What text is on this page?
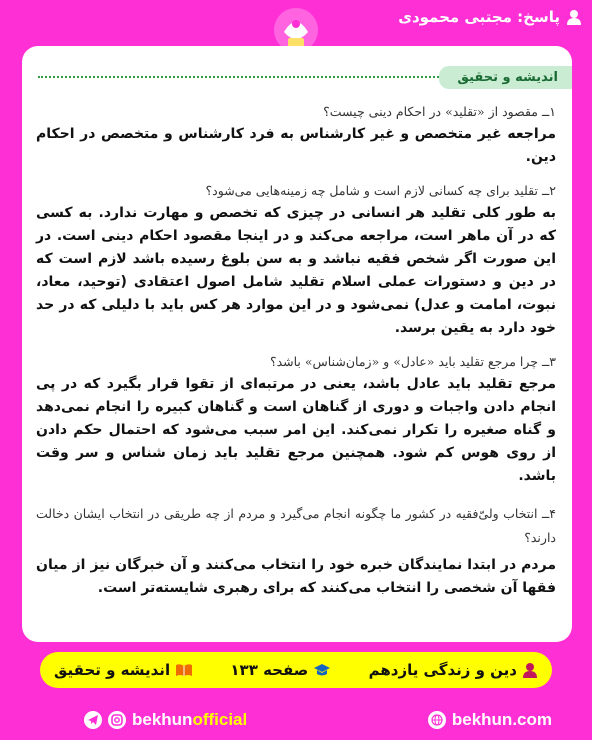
پاسخ: مجتبی محمودی
اندیشه و تحقیق
۱ــ مقصود از «تقلید» در احکام دینی چیست؟
مراجعه غیر متخصص و غیر کارشناس به فرد کارشناس و متخصص در احکام دین.
۲ــ تقلید برای چه کسانی لازم است و شامل چه زمینه‌هایی می‌شود؟
به طور کلی تقلید هر انسانی در چیزی که تخصص و مهارت ندارد. به کسی که در آن ماهر است، مراجعه می‌کند و در اینجا مقصود احکام دینی است. در این صورت اگر شخص فقیه نباشد و به سن بلوغ رسیده باشد لازم است که در دین و دستورات عملی اسلام تقلید شامل اصول اعتقادی (توحید، معاد، نبوت، امامت و عدل) نمی‌شود و در این موارد هر کس باید با دلیلی که در حد خود دارد به یقین برسد.
۳ــ چرا مرجع تقلید باید «عادل» و «زمان‌شناس» باشد؟
مرجع تقلید باید عادل باشد، یعنی در مرتبه‌ای از تقوا قرار بگیرد که در پی انجام دادن واجبات و دوری از گناهان است و گناهان کبیره را انجام نمی‌دهد و گناه صغیره را تکرار نمی‌کند. این امر سبب می‌شود که احتمال حکم دادن از روی هوس کم شود. همچنین مرجع تقلید باید زمان شناس و سر وقت باشد.
۴ــ انتخاب ولیّ‌فقیه در کشور ما چگونه انجام می‌گیرد و مردم از چه طریقی در انتخاب ایشان دخالت دارند؟
مردم در ابتدا نمایندگان خبره خود را انتخاب می‌کنند و آن خبرگان نیز از میان فقها آن شخصی را انتخاب می‌کنند که برای رهبری شایسته‌تر است.
دین و زندگی یازدهم
صفحه ۱۳۳
اندیشه و تحقیق
bekhunofficial	bekhun.com
